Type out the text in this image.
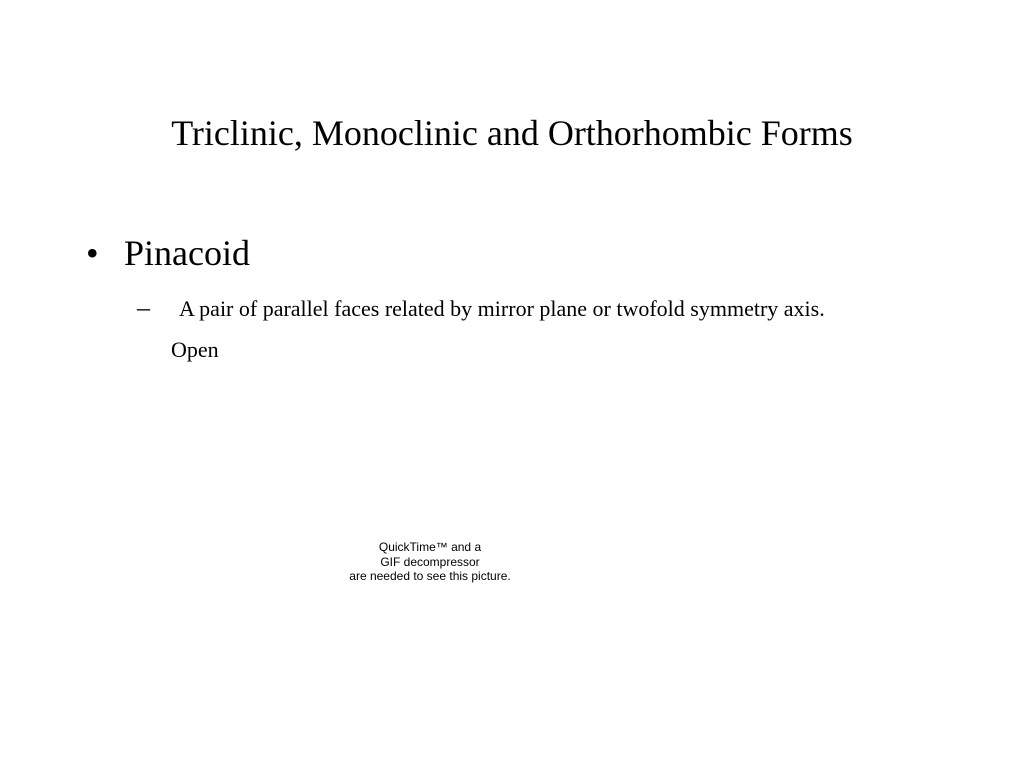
Triclinic, Monoclinic and Orthorhombic Forms
• Pinacoid
– A pair of parallel faces related by mirror plane or twofold symmetry axis.
Open
QuickTime™ and a
GIF decompressor
are needed to see this picture.
